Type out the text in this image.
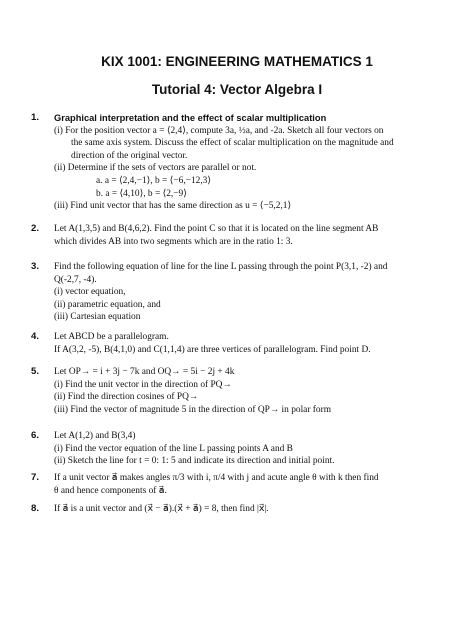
KIX 1001: ENGINEERING MATHEMATICS 1
Tutorial 4: Vector Algebra I
1. Graphical interpretation and the effect of scalar multiplication
(i) For the position vector a = ⟨2,4⟩, compute 3a, ½a, and -2a. Sketch all four vectors on
the same axis system. Discuss the effect of scalar multiplication on the magnitude and
direction of the original vector.
(ii) Determine if the sets of vectors are parallel or not.
a. a = ⟨2,4,−1⟩, b = ⟨−6,−12,3⟩
b. a = ⟨4,10⟩, b = ⟨2,−9⟩
(iii) Find unit vector that has the same direction as u = ⟨−5,2,1⟩
2. Let A(1,3,5) and B(4,6,2). Find the point C so that it is located on the line segment AB
which divides AB into two segments which are in the ratio 1: 3.
3. Find the following equation of line for the line L passing through the point P(3,1, -2) and
Q(-2,7, -4).
(i) vector equation,
(ii) parametric equation, and
(iii) Cartesian equation
4. Let ABCD be a parallelogram.
If A(3,2, -5), B(4,1,0) and C(1,1,4) are three vertices of parallelogram. Find point D.
5. Let OP→ = i + 3j − 7k and OQ→ = 5i − 2j + 4k
(i) Find the unit vector in the direction of PQ→
(ii) Find the direction cosines of PQ→
(iii) Find the vector of magnitude 5 in the direction of QP→ in polar form
6. Let A(1,2) and B(3,4)
(i) Find the vector equation of the line L passing points A and B
(ii) Sketch the line for t = 0: 1: 5 and indicate its direction and initial point.
7. If a unit vector a⃗ makes angles π/3 with i, π/4 with j and acute angle θ with k then find
θ and hence components of a⃗.
8. If a⃗ is a unit vector and (x⃗ − a⃗).(x⃗ + a⃗) = 8, then find |x⃗|.
